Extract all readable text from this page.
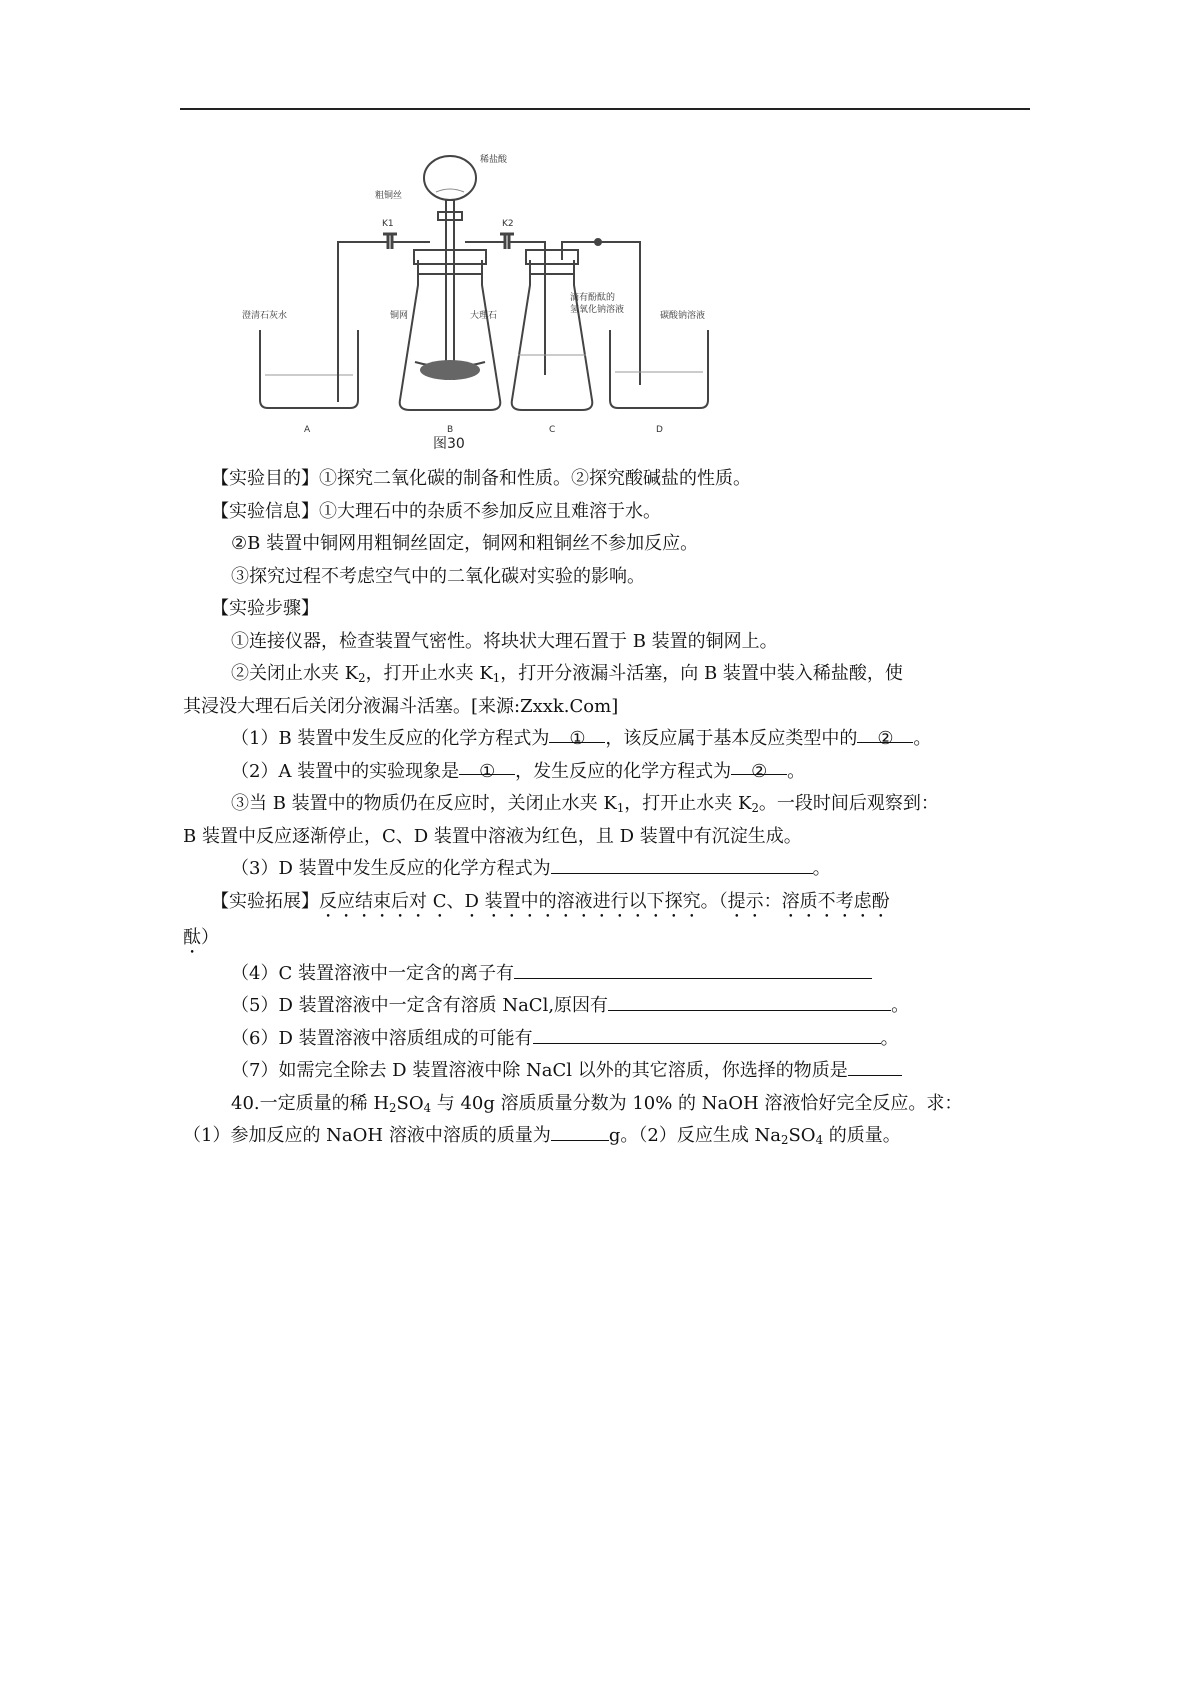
稀盐酸
粗铜丝
K1	K2
澄清石灰水	铜网	大理石
滴有酚酞的
氢氧化钠溶液
碳酸钠溶液
A	B	C	D
图30

【实验目的】①探究二氧化碳的制备和性质。②探究酸碱盐的性质。

【实验信息】①大理石中的杂质不参加反应且难溶于水。

②B 装置中铜网用粗铜丝固定，铜网和粗铜丝不参加反应。

③探究过程不考虑空气中的二氧化碳对实验的影响。

【实验步骤】

①连接仪器，检查装置气密性。将块状大理石置于 B 装置的铜网上。

②关闭止水夹 $K_2$，打开止水夹 $K_1$，打开分液漏斗活塞，向 B 装置中装入稀盐酸，使

其浸没大理石后关闭分液漏斗活塞。[来源:Zxxk.Com]

（1）B 装置中发生反应的化学方程式为 ① ，该反应属于基本反应类型中的 ② 。

（2）A 装置中的实验现象是 ① ，发生反应的化学方程式为 ② 。

③当 B 装置中的物质仍在反应时，关闭止水夹 $K_1$，打开止水夹 $K_2$。一段时间后观察到：

B 装置中反应逐渐停止，C、D 装置中溶液为红色，且 D 装置中有沉淀生成。

（3）D 装置中发生反应的化学方程式为	。

【实验拓展】反应结束后对 C、D 装置中的溶液进行以下探究。（提示：溶质不考虑酚

酞）

（4）C 装置溶液中一定含的离子有

（5）D 装置溶液中一定含有溶质 NaCl,原因有	。

（6）D 装置溶液中溶质组成的可能有	。

（7）如需完全除去 D 装置溶液中除 NaCl 以外的其它溶质，你选择的物质是

40.一定质量的稀 $H_2SO_4$ 与 40g 溶质质量分数为 10% 的 NaOH 溶液恰好完全反应。求：

（1）参加反应的 NaOH 溶液中溶质的质量为	g。（2）反应生成 $Na_2SO_4$ 的质量。
